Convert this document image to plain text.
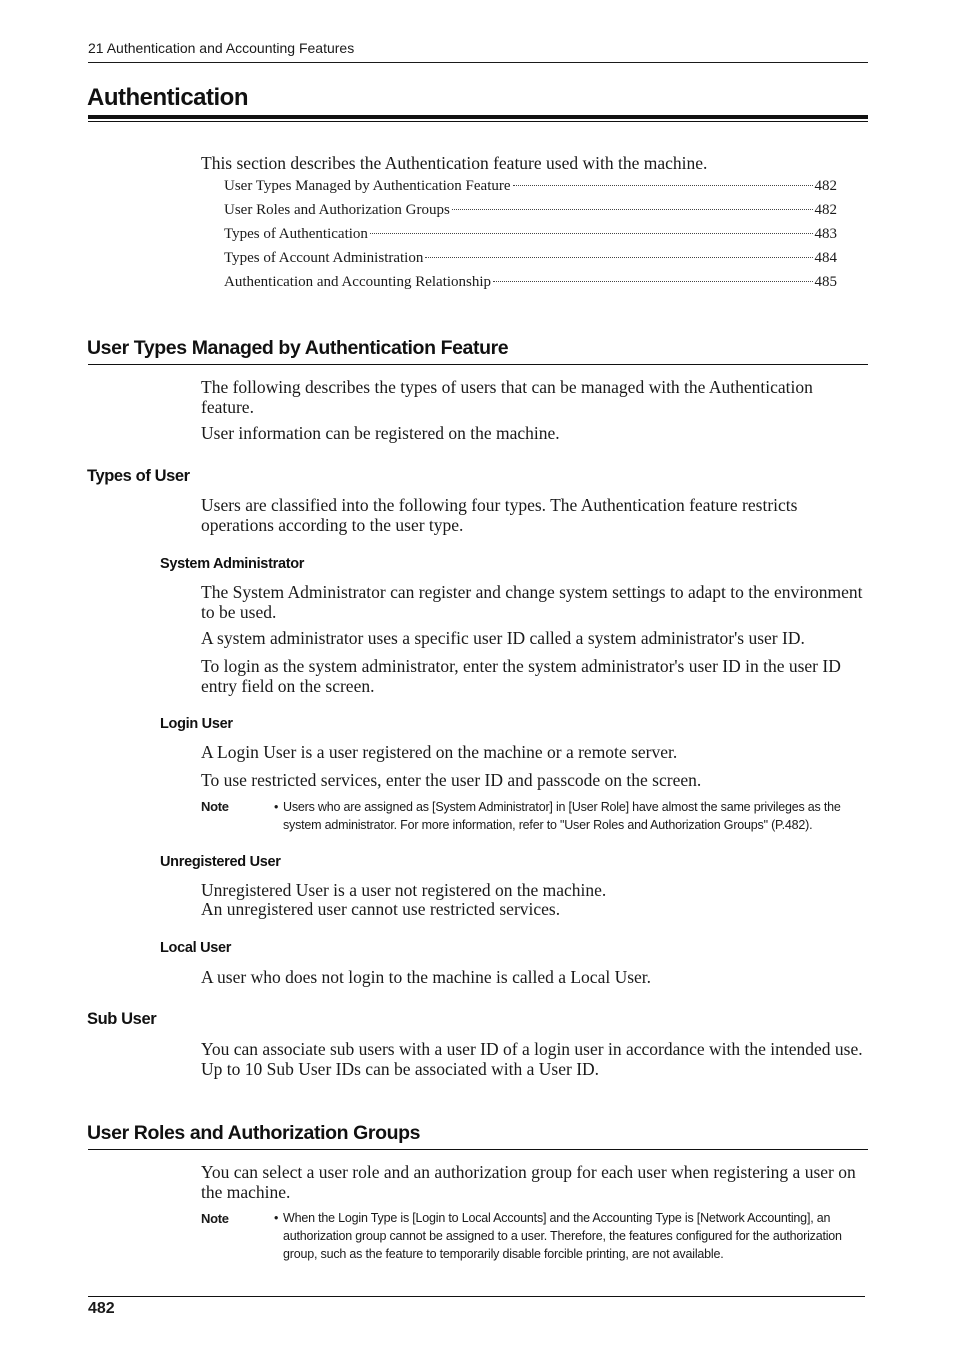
21 Authentication and Accounting Features
Authentication
This section describes the Authentication feature used with the machine.
User Types Managed by Authentication Feature	482
User Roles and Authorization Groups	482
Types of Authentication	483
Types of Account Administration	484
Authentication and Accounting Relationship	485
User Types Managed by Authentication Feature
The following describes the types of users that can be managed with the Authentication feature.
User information can be registered on the machine.
Types of User
Users are classified into the following four types. The Authentication feature restricts operations according to the user type.
System Administrator
The System Administrator can register and change system settings to adapt to the environment to be used.
A system administrator uses a specific user ID called a system administrator's user ID.
To login as the system administrator, enter the system administrator's user ID in the user ID entry field on the screen.
Login User
A Login User is a user registered on the machine or a remote server.
To use restricted services, enter the user ID and passcode on the screen.
Note	• Users who are assigned as [System Administrator] in [User Role] have almost the same privileges as the system administrator. For more information, refer to "User Roles and Authorization Groups" (P.482).
Unregistered User
Unregistered User is a user not registered on the machine.
An unregistered user cannot use restricted services.
Local User
A user who does not login to the machine is called a Local User.
Sub User
You can associate sub users with a user ID of a login user in accordance with the intended use. Up to 10 Sub User IDs can be associated with a User ID.
User Roles and Authorization Groups
You can select a user role and an authorization group for each user when registering a user on the machine.
Note	• When the Login Type is [Login to Local Accounts] and the Accounting Type is [Network Accounting], an authorization group cannot be assigned to a user. Therefore, the features configured for the authorization group, such as the feature to temporarily disable forcible printing, are not available.
482
